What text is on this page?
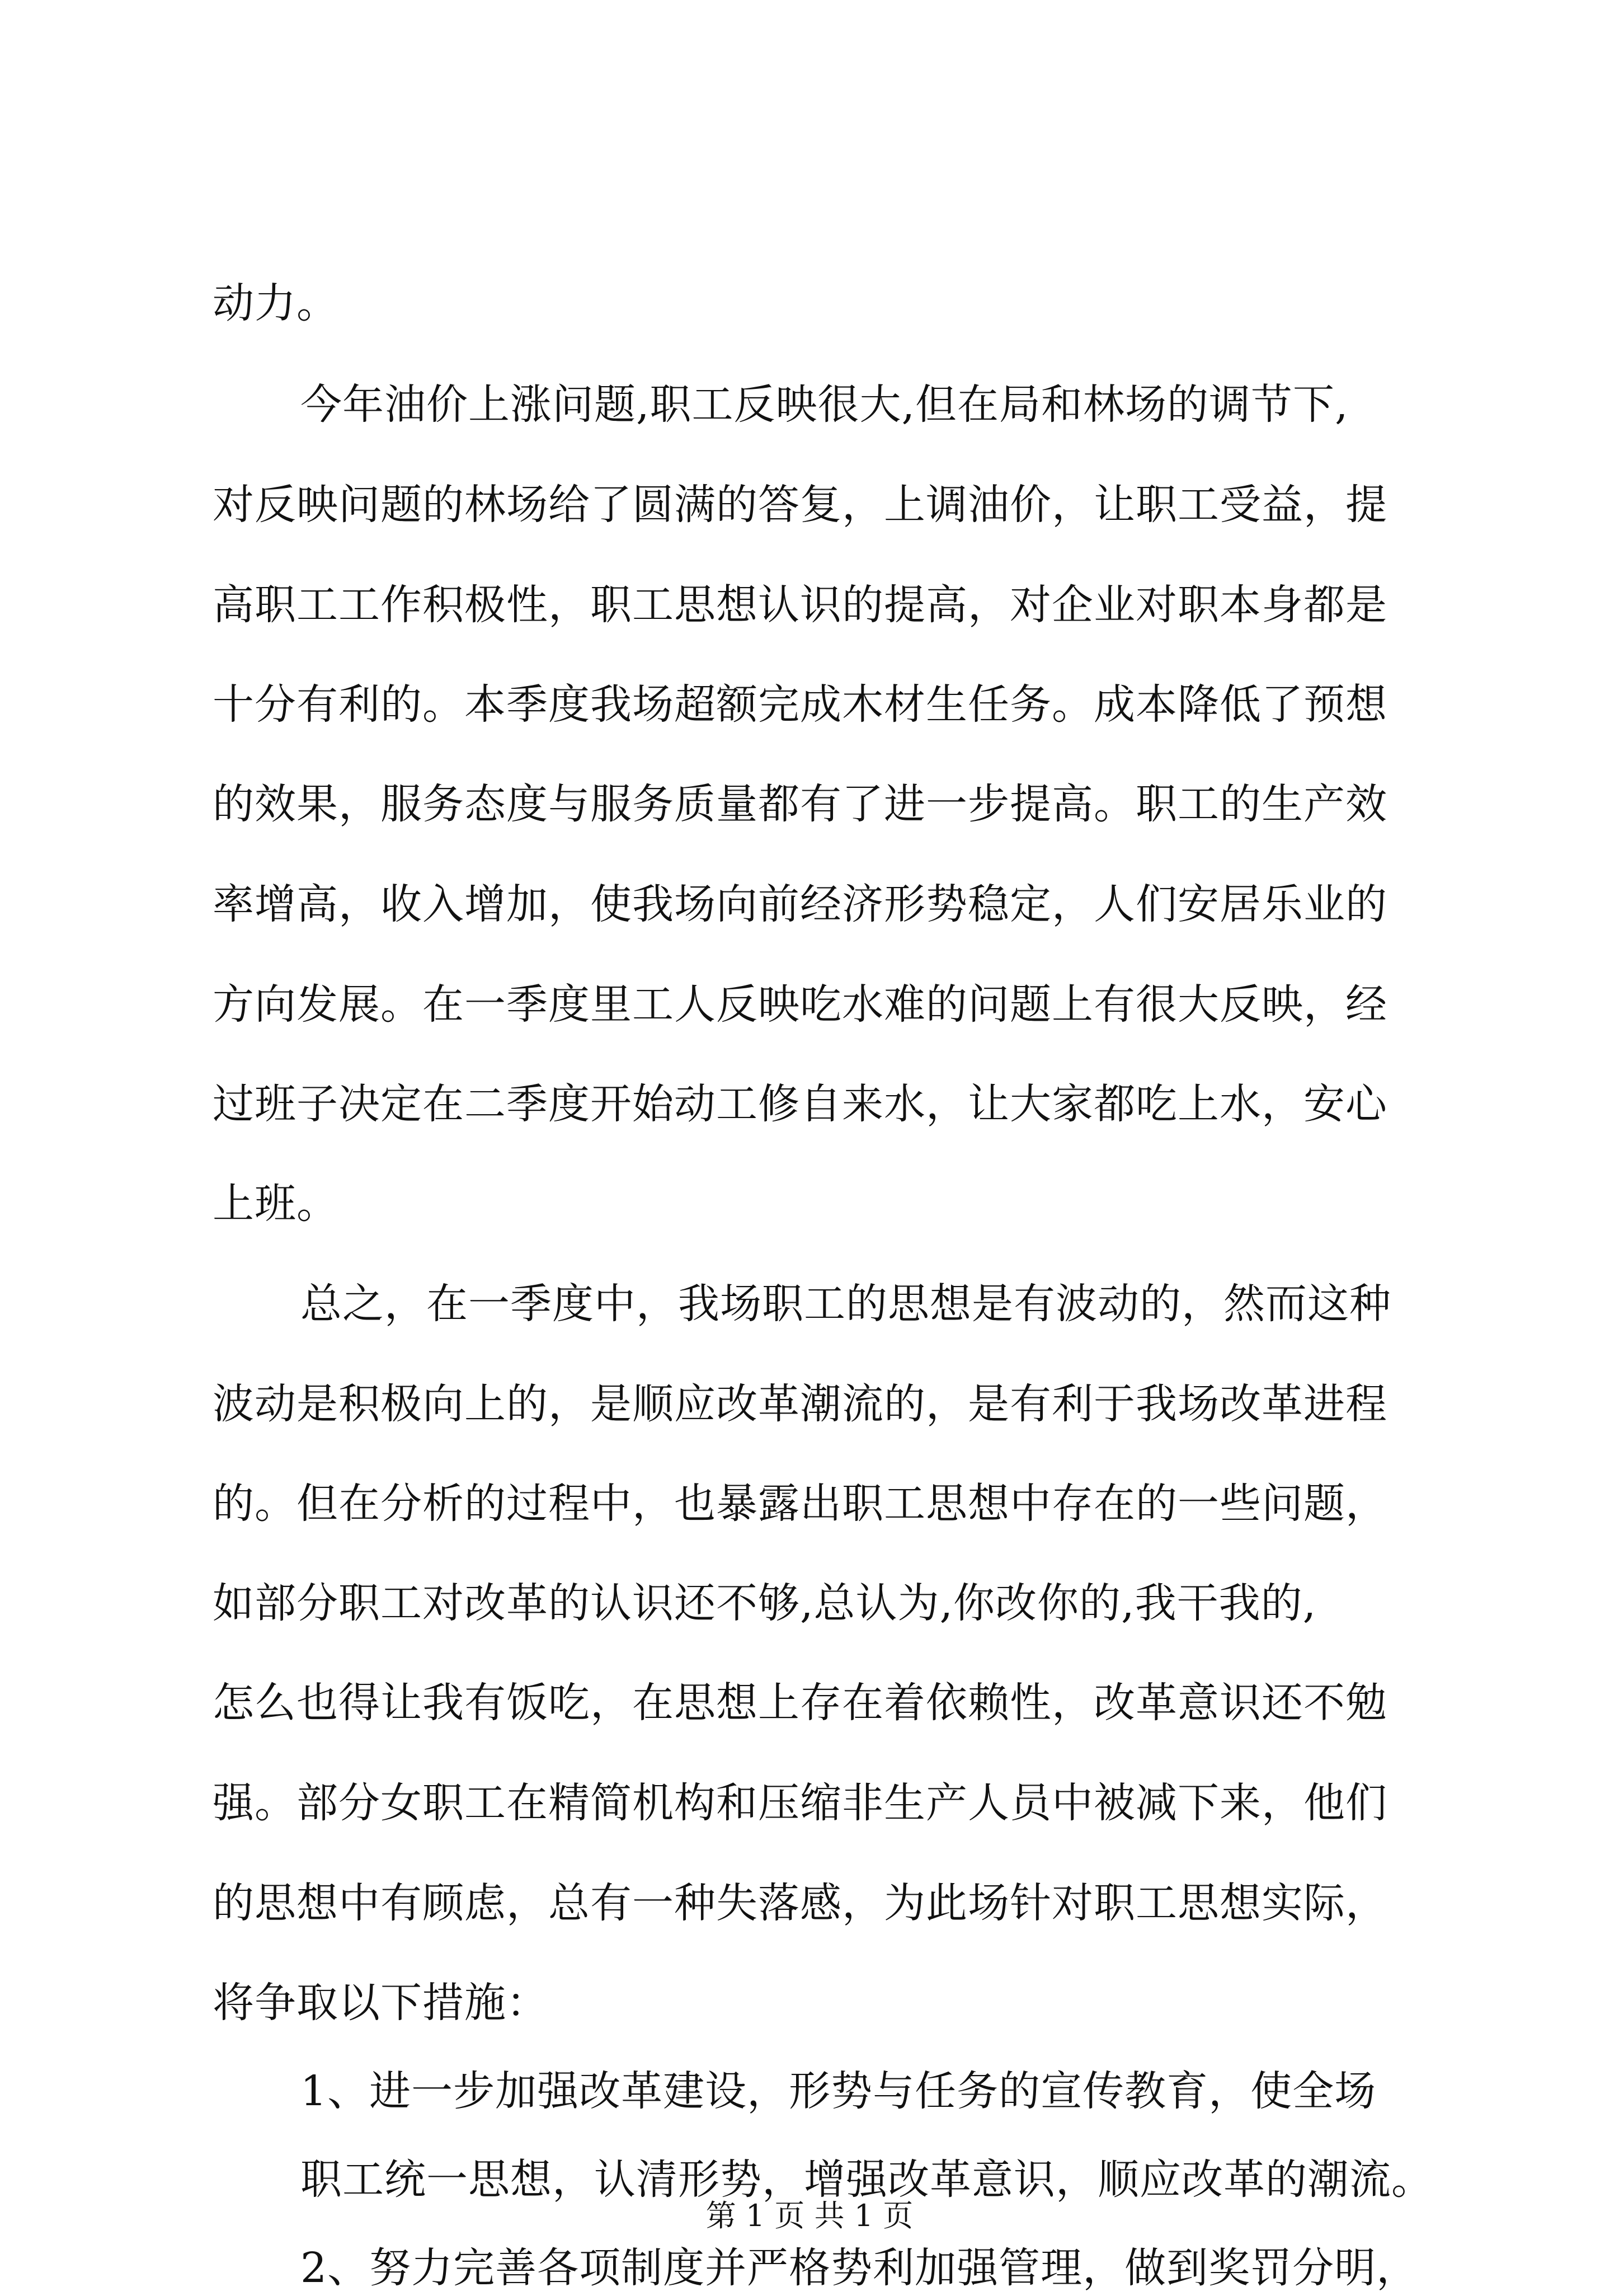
动力。
今年油价上涨问题,职工反映很大,但在局和林场的调节下,
对反映问题的林场给了圆满的答复，上调油价，让职工受益，提
高职工工作积极性，职工思想认识的提高，对企业对职本身都是
十分有利的。本季度我场超额完成木材生任务。成本降低了预想
的效果，服务态度与服务质量都有了进一步提高。职工的生产效
率增高，收入增加，使我场向前经济形势稳定，人们安居乐业的
方向发展。在一季度里工人反映吃水难的问题上有很大反映，经
过班子决定在二季度开始动工修自来水，让大家都吃上水，安心
上班。
总之，在一季度中，我场职工的思想是有波动的，然而这种
波动是积极向上的，是顺应改革潮流的，是有利于我场改革进程
的。但在分析的过程中，也暴露出职工思想中存在的一些问题，
如部分职工对改革的认识还不够,总认为,你改你的,我干我的,
怎么也得让我有饭吃，在思想上存在着依赖性，改革意识还不勉
强。部分女职工在精简机构和压缩非生产人员中被减下来，他们
的思想中有顾虑，总有一种失落感，为此场针对职工思想实际，
将争取以下措施：
1、进一步加强改革建设，形势与任务的宣传教育，使全场
职工统一思想，认清形势，增强改革意识，顺应改革的潮流。
2、努力完善各项制度并严格势利加强管理，做到奖罚分明，
第 1 页 共 1 页
